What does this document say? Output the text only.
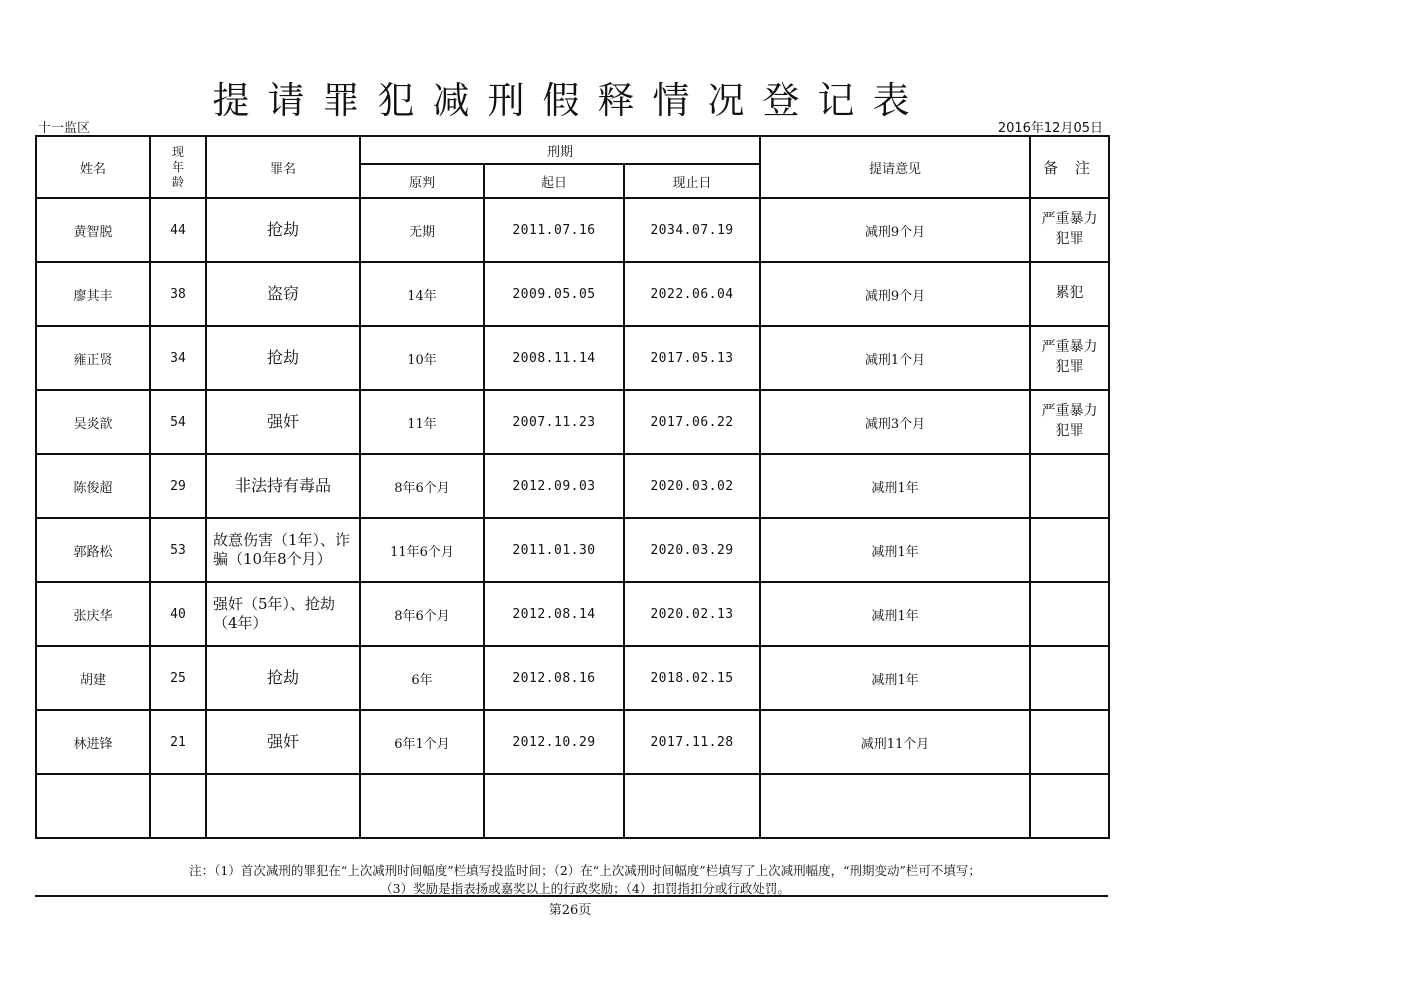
提请罪犯减刑假释情况登记表
十一监区	2016年12月05日
姓名	现年龄	罪名	刑期			提请意见	备 注
			原判	起日	现止日		
黄智脱	44	抢劫	无期	2011.07.16	2034.07.19	减刑9个月	严重暴力犯罪
廖其丰	38	盗窃	14年	2009.05.05	2022.06.04	减刑9个月	累犯
雍正贤	34	抢劫	10年	2008.11.14	2017.05.13	减刑1个月	严重暴力犯罪
吴炎歆	54	强奸	11年	2007.11.23	2017.06.22	减刑3个月	严重暴力犯罪
陈俊超	29	非法持有毒品	8年6个月	2012.09.03	2020.03.02	减刑1年	
郭路松	53	故意伤害（1年）、诈骗（10年8个月）	11年6个月	2011.01.30	2020.03.29	减刑1年	
张庆华	40	强奸（5年）、抢劫（4年）	8年6个月	2012.08.14	2020.02.13	减刑1年	
胡建	25	抢劫	6年	2012.08.16	2018.02.15	减刑1年	
林进锋	21	强奸	6年1个月	2012.10.29	2017.11.28	减刑11个月	

注：（1）首次减刑的罪犯在“上次减刑时间幅度”栏填写投监时间；（2）在“上次减刑时间幅度”栏填写了上次减刑幅度，“刑期变动”栏可不填写；
（3）奖励是指表扬或嘉奖以上的行政奖励；（4）扣罚指扣分或行政处罚。
第26页
